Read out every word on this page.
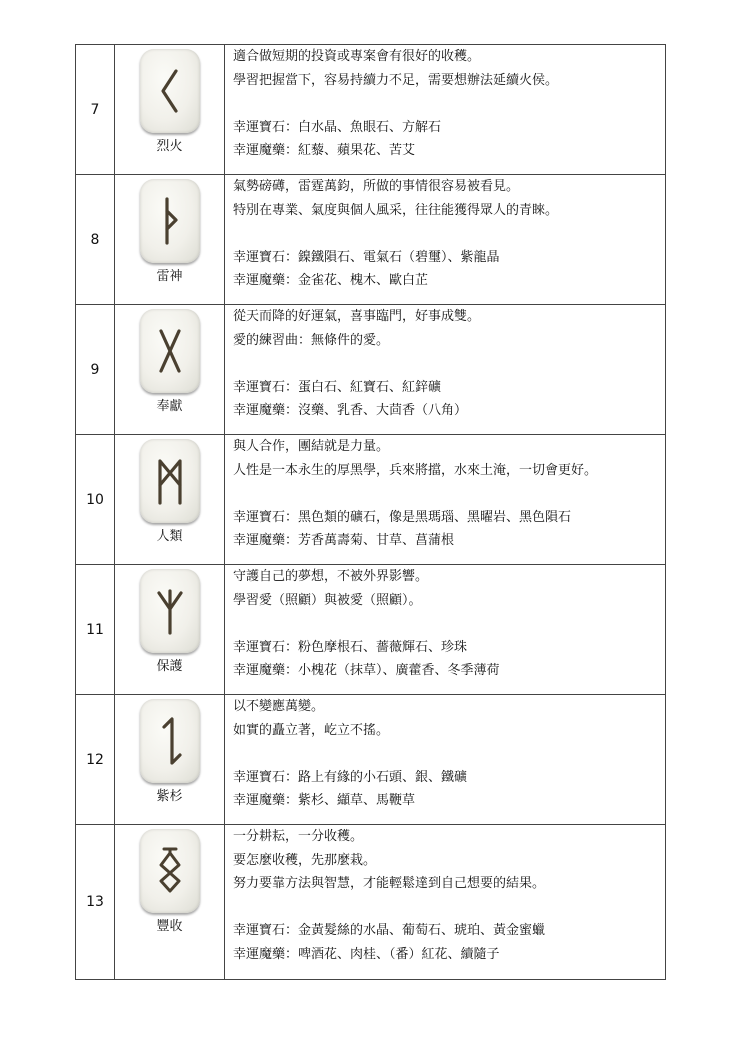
7	烈火	適合做短期的投資或專案會有很好的收穫。
學習把握當下，容易持續力不足，需要想辦法延續火侯。
幸運寶石：白水晶、魚眼石、方解石
幸運魔藥：紅藜、蘋果花、苦艾

8	雷神	氣勢磅礡，雷霆萬鈞，所做的事情很容易被看見。
特別在專業、氣度與個人風采，往往能獲得眾人的青睞。
幸運寶石：鎳鐵隕石、電氣石（碧璽）、紫龍晶
幸運魔藥：金雀花、槐木、歐白芷

9	奉獻	從天而降的好運氣，喜事臨門，好事成雙。
愛的練習曲：無條件的愛。
幸運寶石：蛋白石、紅寶石、紅鋅礦
幸運魔藥：沒藥、乳香、大茴香（八角）

10	人類	與人合作，團結就是力量。
人性是一本永生的厚黑學，兵來將擋，水來土淹，一切會更好。
幸運寶石：黑色類的礦石，像是黑瑪瑙、黑曜岩、黑色隕石
幸運魔藥：芳香萬壽菊、甘草、菖蒲根

11	保護	守護自己的夢想，不被外界影響。
學習愛（照顧）與被愛（照顧）。
幸運寶石：粉色摩根石、薔薇輝石、珍珠
幸運魔藥：小槐花（抹草）、廣藿香、冬季薄荷

12	紫杉	以不變應萬變。
如實的矗立著，屹立不搖。
幸運寶石：路上有緣的小石頭、銀、鐵礦
幸運魔藥：紫杉、纈草、馬鞭草

13	豐收	一分耕耘，一分收穫。
要怎麼收穫，先那麼栽。
努力要靠方法與智慧，才能輕鬆達到自己想要的結果。
幸運寶石：金黃髮絲的水晶、葡萄石、琥珀、黃金蜜蠟
幸運魔藥：啤酒花、肉桂、（番）紅花、續隨子
